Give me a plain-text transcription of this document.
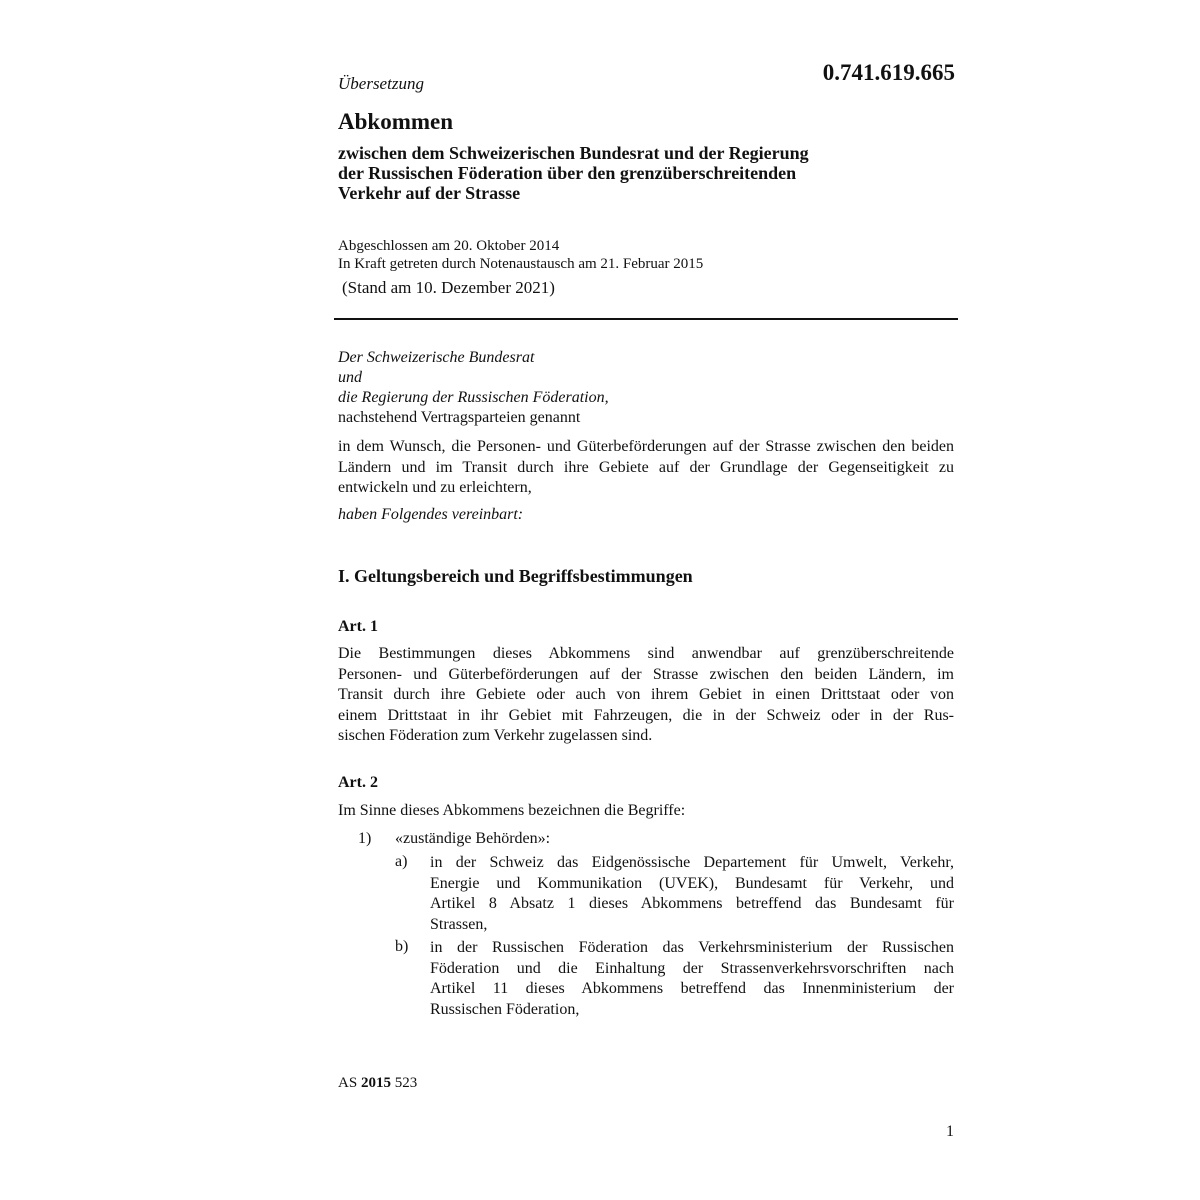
Übersetzung	0.741.619.665

Abkommen
zwischen dem Schweizerischen Bundesrat und der Regierung
der Russischen Föderation über den grenzüberschreitenden
Verkehr auf der Strasse
Abgeschlossen am 20. Oktober 2014
In Kraft getreten durch Notenaustausch am 21. Februar 2015

(Stand am 10. Dezember 2021)

Der Schweizerische Bundesrat
und
die Regierung der Russischen Föderation,
nachstehend Vertragsparteien genannt

in dem Wunsch, die Personen- und Güterbeförderungen auf der Strasse zwischen den beiden Ländern und im Transit durch ihre Gebiete auf der Grundlage der Gegenseitigkeit zu entwickeln und zu erleichtern,

haben Folgendes vereinbart:

I. Geltungsbereich und Begriffsbestimmungen
Art. 1
Die Bestimmungen dieses Abkommens sind anwendbar auf grenzüberschreitende
Personen- und Güterbeförderungen auf der Strasse zwischen den beiden Ländern, im
Transit durch ihre Gebiete oder auch von ihrem Gebiet in einen Drittstaat oder von
einem Drittstaat in ihr Gebiet mit Fahrzeugen, die in der Schweiz oder in der Rus-
sischen Föderation zum Verkehr zugelassen sind.
Art. 2

Im Sinne dieses Abkommens bezeichnen die Begriffe:

1) «zuständige Behörden»:
a) in der Schweiz das Eidgenössische Departement für Umwelt, Verkehr,
Energie und Kommunikation (UVEK), Bundesamt für Verkehr, und
Artikel 8 Absatz 1 dieses Abkommens betreffend das Bundesamt für
Strassen,
b) in der Russischen Föderation das Verkehrsministerium der Russischen
Föderation und die Einhaltung der Strassenverkehrsvorschriften nach
Artikel 11 dieses Abkommens betreffend das Innenministerium der
Russischen Föderation,

AS 2015 523

1
